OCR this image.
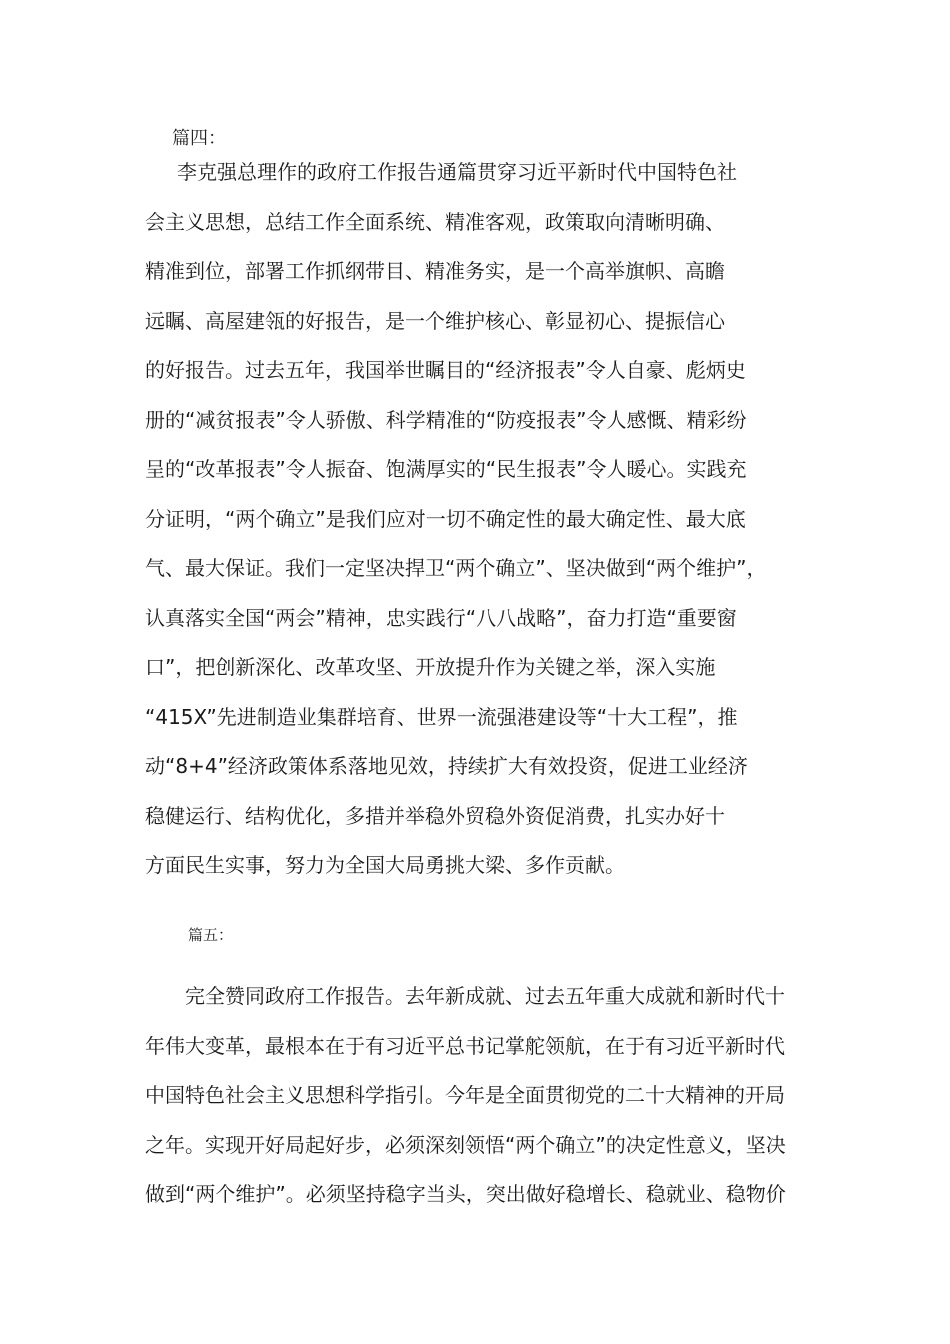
篇四：
李克强总理作的政府工作报告通篇贯穿习近平新时代中国特色社
会主义思想，总结工作全面系统、精准客观，政策取向清晰明确、
精准到位，部署工作抓纲带目、精准务实，是一个高举旗帜、高瞻
远瞩、高屋建瓴的好报告，是一个维护核心、彰显初心、提振信心
的好报告。过去五年，我国举世瞩目的“经济报表”令人自豪、彪炳史
册的“减贫报表”令人骄傲、科学精准的“防疫报表”令人感慨、精彩纷
呈的“改革报表”令人振奋、饱满厚实的“民生报表”令人暖心。实践充
分证明，“两个确立”是我们应对一切不确定性的最大确定性、最大底
气、最大保证。我们一定坚决捍卫“两个确立”、坚决做到“两个维护”，
认真落实全国“两会”精神，忠实践行“八八战略”，奋力打造“重要窗
口”，把创新深化、改革攻坚、开放提升作为关键之举，深入实施
“415X”先进制造业集群培育、世界一流强港建设等“十大工程”，推
动“8+4”经济政策体系落地见效，持续扩大有效投资，促进工业经济
稳健运行、结构优化，多措并举稳外贸稳外资促消费，扎实办好十
方面民生实事，努力为全国大局勇挑大梁、多作贡献。
篇五：
完全赞同政府工作报告。去年新成就、过去五年重大成就和新时代十
年伟大变革，最根本在于有习近平总书记掌舵领航，在于有习近平新时代
中国特色社会主义思想科学指引。今年是全面贯彻党的二十大精神的开局
之年。实现开好局起好步，必须深刻领悟“两个确立”的决定性意义，坚决
做到“两个维护”。必须坚持稳字当头，突出做好稳增长、稳就业、稳物价
